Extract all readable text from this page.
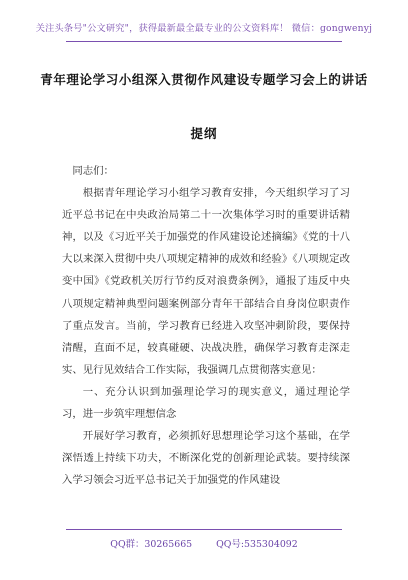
关注头条号"公文研究"，获得最新最全最专业的公文资料库！ 微信：gongwenyj
青年理论学习小组深入贯彻作风建设专题学习会上的讲话
提纲

同志们：

根据青年理论学习小组学习教育安排，今天组织学习了习近平总书记在中央政治局第二十一次集体学习时的重要讲话精神，以及《习近平关于加强党的作风建设论述摘编》《党的十八大以来深入贯彻中央八项规定精神的成效和经验》《八项规定改变中国》《党政机关厉行节约反对浪费条例》，通报了违反中央八项规定精神典型问题案例部分青年干部结合自身岗位职责作了重点发言。当前，学习教育已经进入攻坚冲刺阶段，要保持清醒，直面不足，较真碰硬、决战决胜，确保学习教育走深走实、见行见效结合工作实际，我强调几点贯彻落实意见：

一、充分认识到加强理论学习的现实意义，通过理论学习，进一步筑牢理想信念

开展好学习教育，必须抓好思想理论学习这个基础，在学深悟透上持续下功夫，不断深化党的创新理论武装。要持续深入学习领会习近平总书记关于加强党的作风建设

QQ群：30265665	QQ号:535304092
